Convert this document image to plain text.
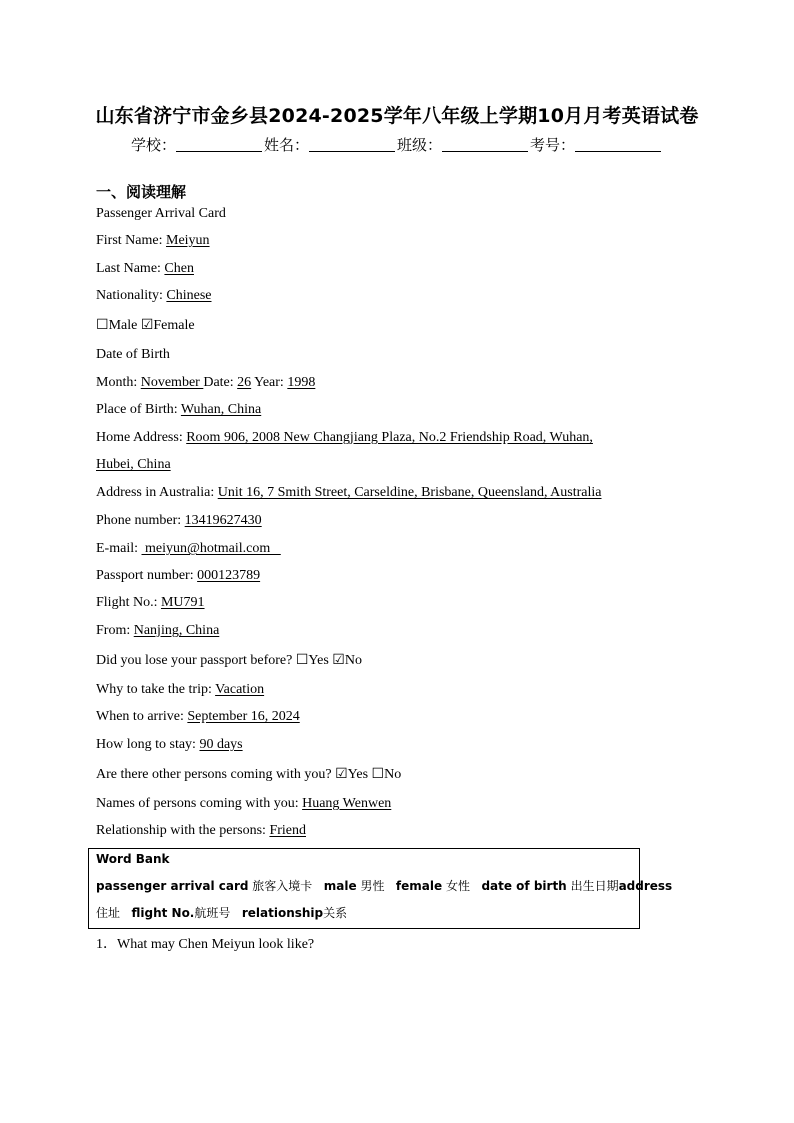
山东省济宁市金乡县2024-2025学年八年级上学期10月月考英语试卷
学校：	姓名：	班级：	考号：
一、阅读理解
Passenger Arrival Card
First Name: Meiyun
Last Name: Chen
Nationality: Chinese
☐Male ☑Female
Date of Birth
Month: November Date: 26 Year: 1998
Place of Birth: Wuhan, China
Home Address: Room 906, 2008 New Changjiang Plaza, No.2 Friendship Road, Wuhan,
Hubei, China
Address in Australia: Unit 16, 7 Smith Street, Carseldine, Brisbane, Queensland, Australia
Phone number: 13419627430
E-mail:  meiyun@hotmail.com
Passport number: 000123789
Flight No.: MU791
From: Nanjing, China
Did you lose your passport before? ☐Yes ☑No
Why to take the trip: Vacation
When to arrive: September 16, 2024
How long to stay: 90 days
Are there other persons coming with you? ☑Yes ☐No
Names of persons coming with you: Huang Wenwen
Relationship with the persons: Friend
Word Bank
passenger arrival card 旅客入境卡 male 男性 female 女性 date of birth 出生日期address
住址 flight No.航班号 relationship关系
1．What may Chen Meiyun look like?
